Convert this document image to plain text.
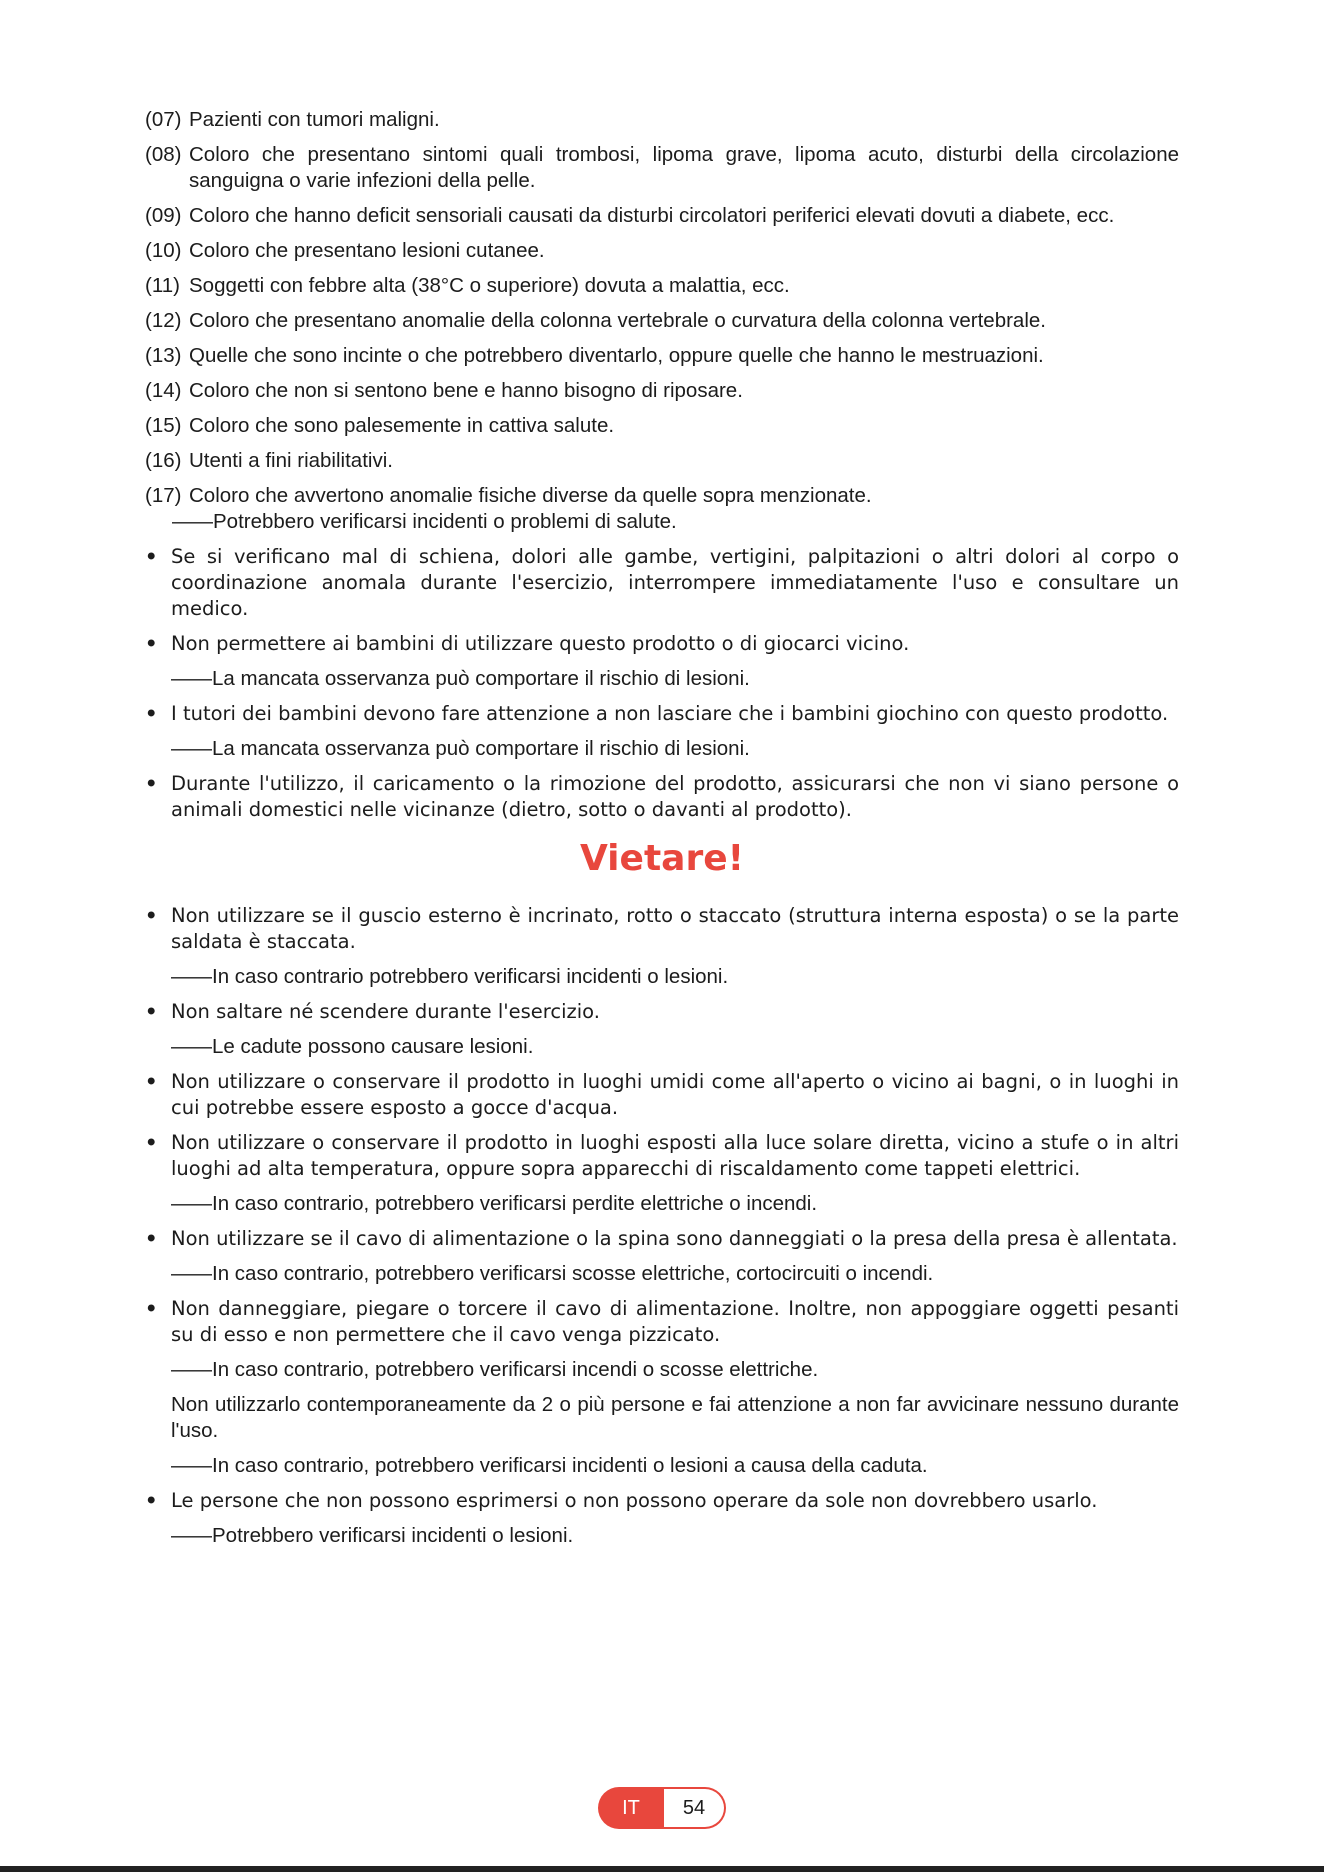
(07) Pazienti con tumori maligni.
(08) Coloro che presentano sintomi quali trombosi, lipoma grave, lipoma acuto, disturbi della circolazione sanguigna o varie infezioni della pelle.
(09) Coloro che hanno deficit sensoriali causati da disturbi circolatori periferici elevati dovuti a diabete, ecc.
(10) Coloro che presentano lesioni cutanee.
(11) Soggetti con febbre alta (38°C o superiore) dovuta a malattia, ecc.
(12) Coloro che presentano anomalie della colonna vertebrale o curvatura della colonna vertebrale.
(13) Quelle che sono incinte o che potrebbero diventarlo, oppure quelle che hanno le mestruazioni.
(14) Coloro che non si sentono bene e hanno bisogno di riposare.
(15) Coloro che sono palesemente in cattiva salute.
(16) Utenti a fini riabilitativi.
(17) Coloro che avvertono anomalie fisiche diverse da quelle sopra menzionate.
——Potrebbero verificarsi incidenti o problemi di salute.
• Se si verificano mal di schiena, dolori alle gambe, vertigini, palpitazioni o altri dolori al corpo o coordinazione anomala durante l'esercizio, interrompere immediatamente l'uso e consultare un medico.
• Non permettere ai bambini di utilizzare questo prodotto o di giocarci vicino.
——La mancata osservanza può comportare il rischio di lesioni.
• I tutori dei bambini devono fare attenzione a non lasciare che i bambini giochino con questo prodotto.
——La mancata osservanza può comportare il rischio di lesioni.
• Durante l'utilizzo, il caricamento o la rimozione del prodotto, assicurarsi che non vi siano persone o animali domestici nelle vicinanze (dietro, sotto o davanti al prodotto).
Vietare!
• Non utilizzare se il guscio esterno è incrinato, rotto o staccato (struttura interna esposta) o se la parte saldata è staccata.
——In caso contrario potrebbero verificarsi incidenti o lesioni.
• Non saltare né scendere durante l'esercizio.
——Le cadute possono causare lesioni.
• Non utilizzare o conservare il prodotto in luoghi umidi come all'aperto o vicino ai bagni, o in luoghi in cui potrebbe essere esposto a gocce d'acqua.
• Non utilizzare o conservare il prodotto in luoghi esposti alla luce solare diretta, vicino a stufe o in altri luoghi ad alta temperatura, oppure sopra apparecchi di riscaldamento come tappeti elettrici.
——In caso contrario, potrebbero verificarsi perdite elettriche o incendi.
• Non utilizzare se il cavo di alimentazione o la spina sono danneggiati o la presa della presa è allentata.
——In caso contrario, potrebbero verificarsi scosse elettriche, cortocircuiti o incendi.
• Non danneggiare, piegare o torcere il cavo di alimentazione. Inoltre, non appoggiare oggetti pesanti su di esso e non permettere che il cavo venga pizzicato.
——In caso contrario, potrebbero verificarsi incendi o scosse elettriche.
Non utilizzarlo contemporaneamente da 2 o più persone e fai attenzione a non far avvicinare nessuno durante l'uso.
——In caso contrario, potrebbero verificarsi incidenti o lesioni a causa della caduta.
• Le persone che non possono esprimersi o non possono operare da sole non dovrebbero usarlo.
——Potrebbero verificarsi incidenti o lesioni.
IT	54
